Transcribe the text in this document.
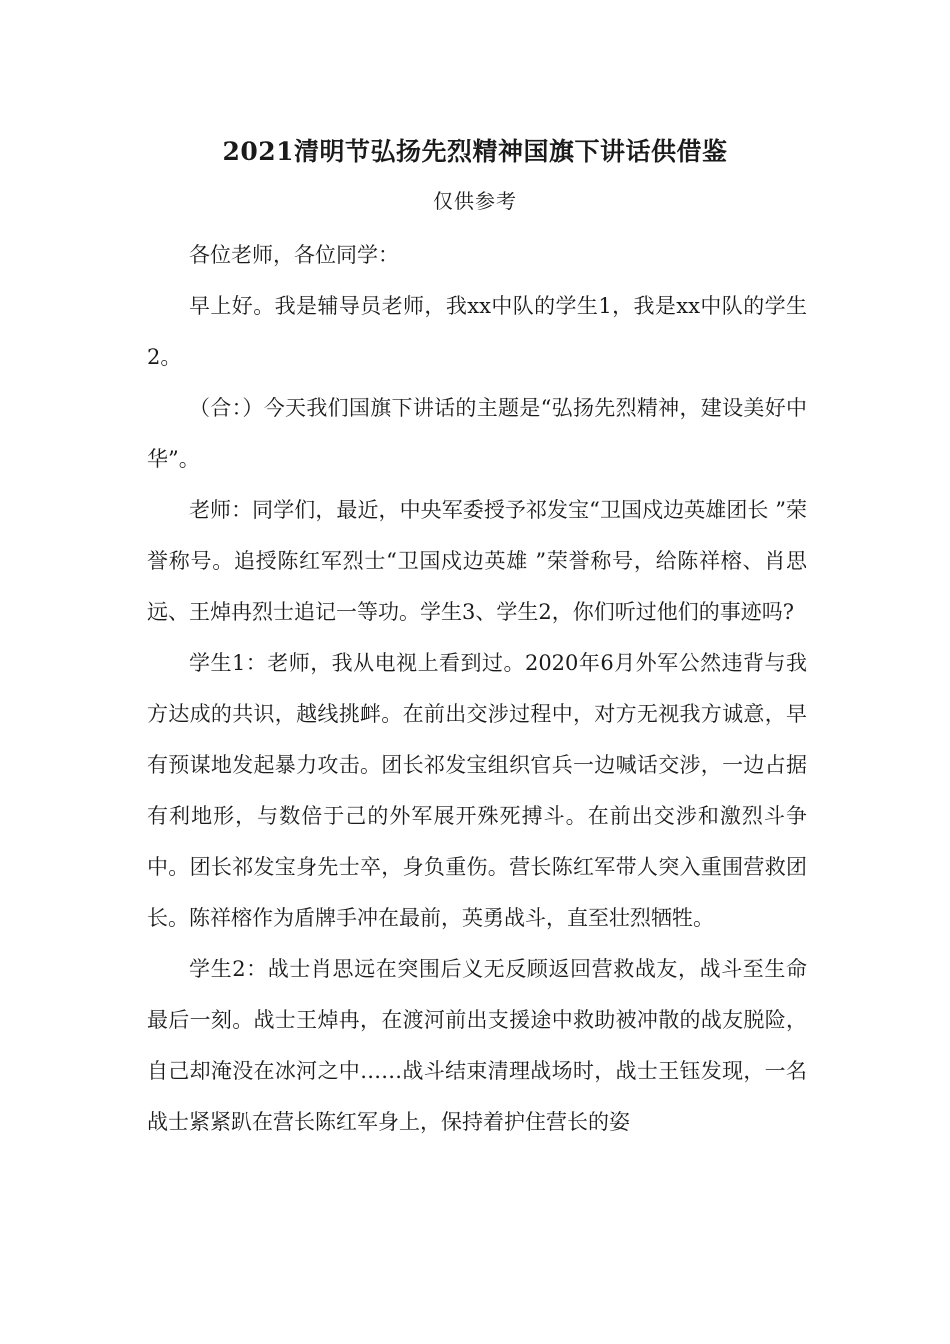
2021清明节弘扬先烈精神国旗下讲话供借鉴
仅供参考

各位老师，各位同学：

早上好。我是辅导员老师，我xx中队的学生1，我是xx中队的学生2。

（合：）今天我们国旗下讲话的主题是“弘扬先烈精神，建设美好中华”。

老师：同学们，最近，中央军委授予祁发宝“卫国戍边英雄团长 ”荣誉称号。追授陈红军烈士“卫国戍边英雄 ”荣誉称号，给陈祥榕、肖思远、王焯冉烈士追记一等功。学生3、学生2，你们听过他们的事迹吗?

学生1：老师，我从电视上看到过。2020年6月外军公然违背与我方达成的共识，越线挑衅。在前出交涉过程中，对方无视我方诚意，早有预谋地发起暴力攻击。团长祁发宝组织官兵一边喊话交涉，一边占据有利地形，与数倍于己的外军展开殊死搏斗。在前出交涉和激烈斗争中。团长祁发宝身先士卒，身负重伤。营长陈红军带人突入重围营救团长。陈祥榕作为盾牌手冲在最前，英勇战斗，直至壮烈牺牲。

学生2：战士肖思远在突围后义无反顾返回营救战友，战斗至生命最后一刻。战士王焯冉，在渡河前出支援途中救助被冲散的战友脱险，自己却淹没在冰河之中……战斗结束清理战场时，战士王钰发现，一名战士紧紧趴在营长陈红军身上，保持着护住营长的姿
